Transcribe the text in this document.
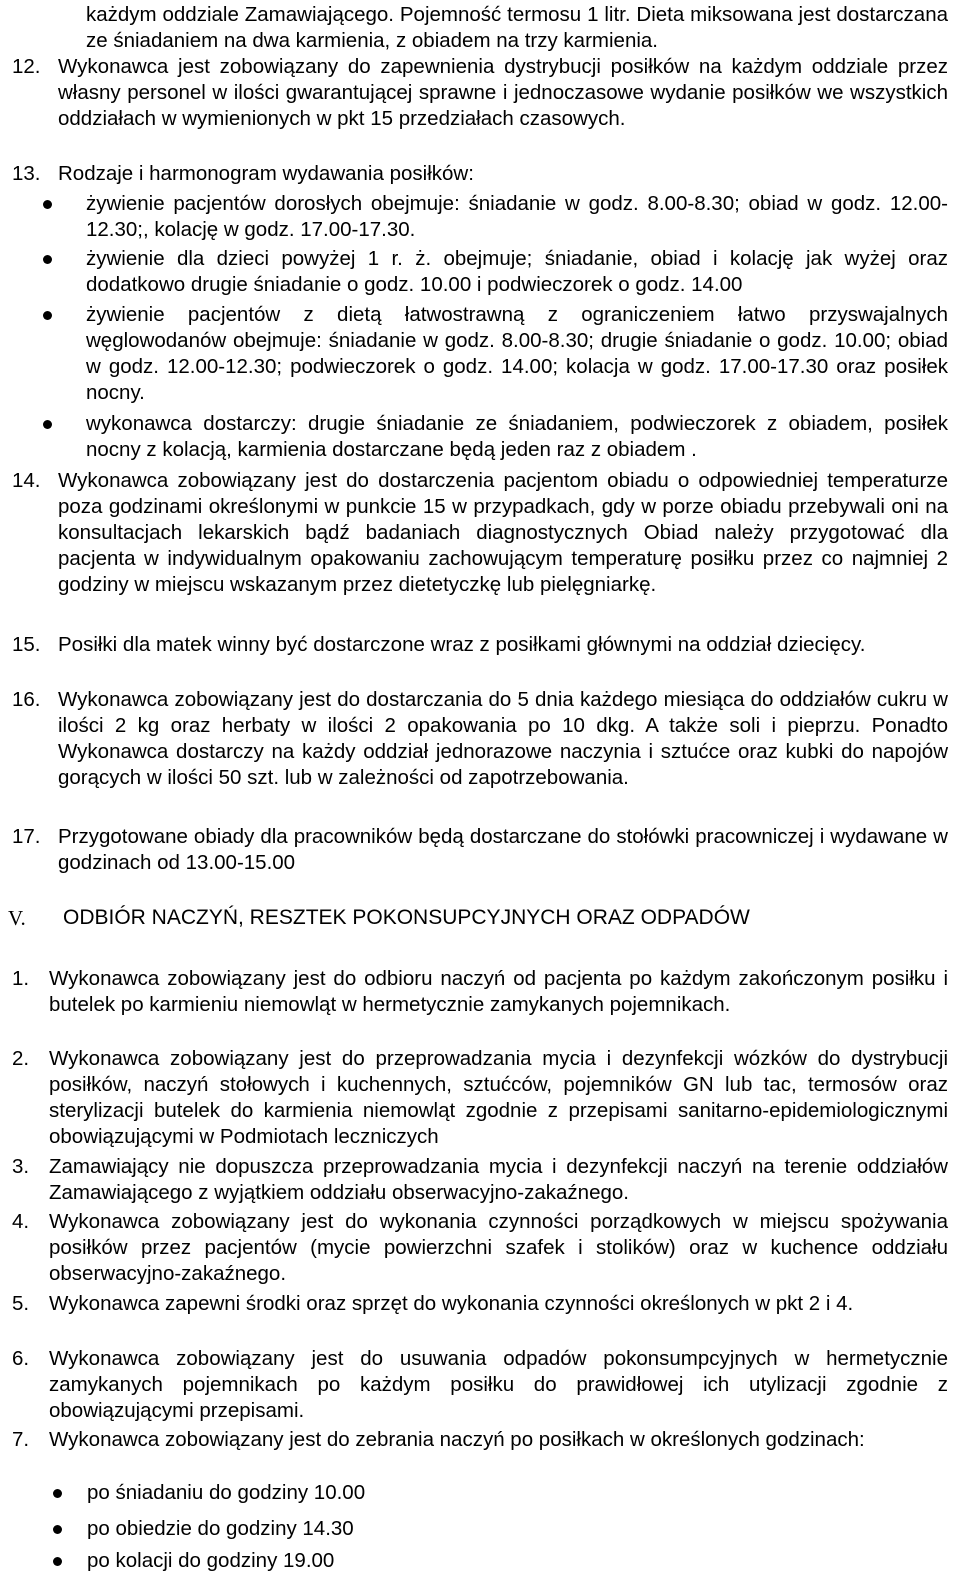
każdym oddziale Zamawiającego. Pojemność termosu 1 litr. Dieta miksowana jest dostarczana ze śniadaniem na dwa karmienia, z obiadem na trzy karmienia.
12. Wykonawca jest zobowiązany do zapewnienia dystrybucji posiłków na każdym oddziale przez własny personel w ilości gwarantującej sprawne i jednoczasowe wydanie posiłków we wszystkich oddziałach w wymienionych w pkt 15 przedziałach czasowych.
13. Rodzaje i harmonogram wydawania posiłków:
żywienie pacjentów dorosłych obejmuje: śniadanie w godz. 8.00-8.30; obiad w godz. 12.00-12.30;, kolację w godz. 17.00-17.30.
żywienie dla dzieci powyżej 1 r. ż. obejmuje; śniadanie, obiad i kolację jak wyżej oraz dodatkowo drugie śniadanie o godz. 10.00 i podwieczorek o godz. 14.00
żywienie pacjentów z dietą łatwostrawną z ograniczeniem łatwo przyswajalnych węglowodanów obejmuje: śniadanie w godz. 8.00-8.30; drugie śniadanie o godz. 10.00; obiad w godz. 12.00-12.30; podwieczorek o godz. 14.00; kolacja w godz. 17.00-17.30 oraz posiłek nocny.
wykonawca dostarczy: drugie śniadanie ze śniadaniem, podwieczorek z obiadem, posiłek nocny z kolacją, karmienia dostarczane będą jeden raz z obiadem .
14. Wykonawca zobowiązany jest do dostarczenia pacjentom obiadu o odpowiedniej temperaturze poza godzinami określonymi w punkcie 15 w przypadkach, gdy w porze obiadu przebywali oni na konsultacjach lekarskich bądź badaniach diagnostycznych Obiad należy przygotować dla pacjenta w indywidualnym opakowaniu zachowującym temperaturę posiłku przez co najmniej 2 godziny w miejscu wskazanym przez dietetyczkę lub pielęgniarkę.
15. Posiłki dla matek winny być dostarczone wraz z posiłkami głównymi na oddział dziecięcy.
16. Wykonawca zobowiązany jest do dostarczania do 5 dnia każdego miesiąca do oddziałów cukru w ilości 2 kg oraz herbaty w ilości 2 opakowania po 10 dkg. A także soli i pieprzu. Ponadto Wykonawca dostarczy na każdy oddział jednorazowe naczynia i sztućce oraz kubki do napojów gorących w ilości 50 szt. lub w zależności od zapotrzebowania.
17. Przygotowane obiady dla pracowników będą dostarczane do stołówki pracowniczej i wydawane w godzinach od 13.00-15.00
V. ODBIÓR NACZYŃ, RESZTEK POKONSUPCYJNYCH ORAZ ODPADÓW
1. Wykonawca zobowiązany jest do odbioru naczyń od pacjenta po każdym zakończonym posiłku i butelek po karmieniu niemowląt w hermetycznie zamykanych pojemnikach.
2. Wykonawca zobowiązany jest do przeprowadzania mycia i dezynfekcji wózków do dystrybucji posiłków, naczyń stołowych i kuchennych, sztućców, pojemników GN lub tac, termosów oraz sterylizacji butelek do karmienia niemowląt zgodnie z przepisami sanitarno-epidemiologicznymi obowiązującymi w Podmiotach leczniczych
3. Zamawiający nie dopuszcza przeprowadzania mycia i dezynfekcji naczyń na terenie oddziałów Zamawiającego z wyjątkiem oddziału obserwacyjno-zakaźnego.
4. Wykonawca zobowiązany jest do wykonania czynności porządkowych w miejscu spożywania posiłków przez pacjentów (mycie powierzchni szafek i stolików) oraz w kuchence oddziału obserwacyjno-zakaźnego.
5. Wykonawca zapewni środki oraz sprzęt do wykonania czynności określonych w pkt 2 i 4.
6. Wykonawca zobowiązany jest do usuwania odpadów pokonsumpcyjnych w hermetycznie zamykanych pojemnikach po każdym posiłku do prawidłowej ich utylizacji zgodnie z obowiązującymi przepisami.
7. Wykonawca zobowiązany jest do zebrania naczyń po posiłkach w określonych godzinach:
po śniadaniu do godziny 10.00
po obiedzie do godziny 14.30
po kolacji do godziny 19.00
